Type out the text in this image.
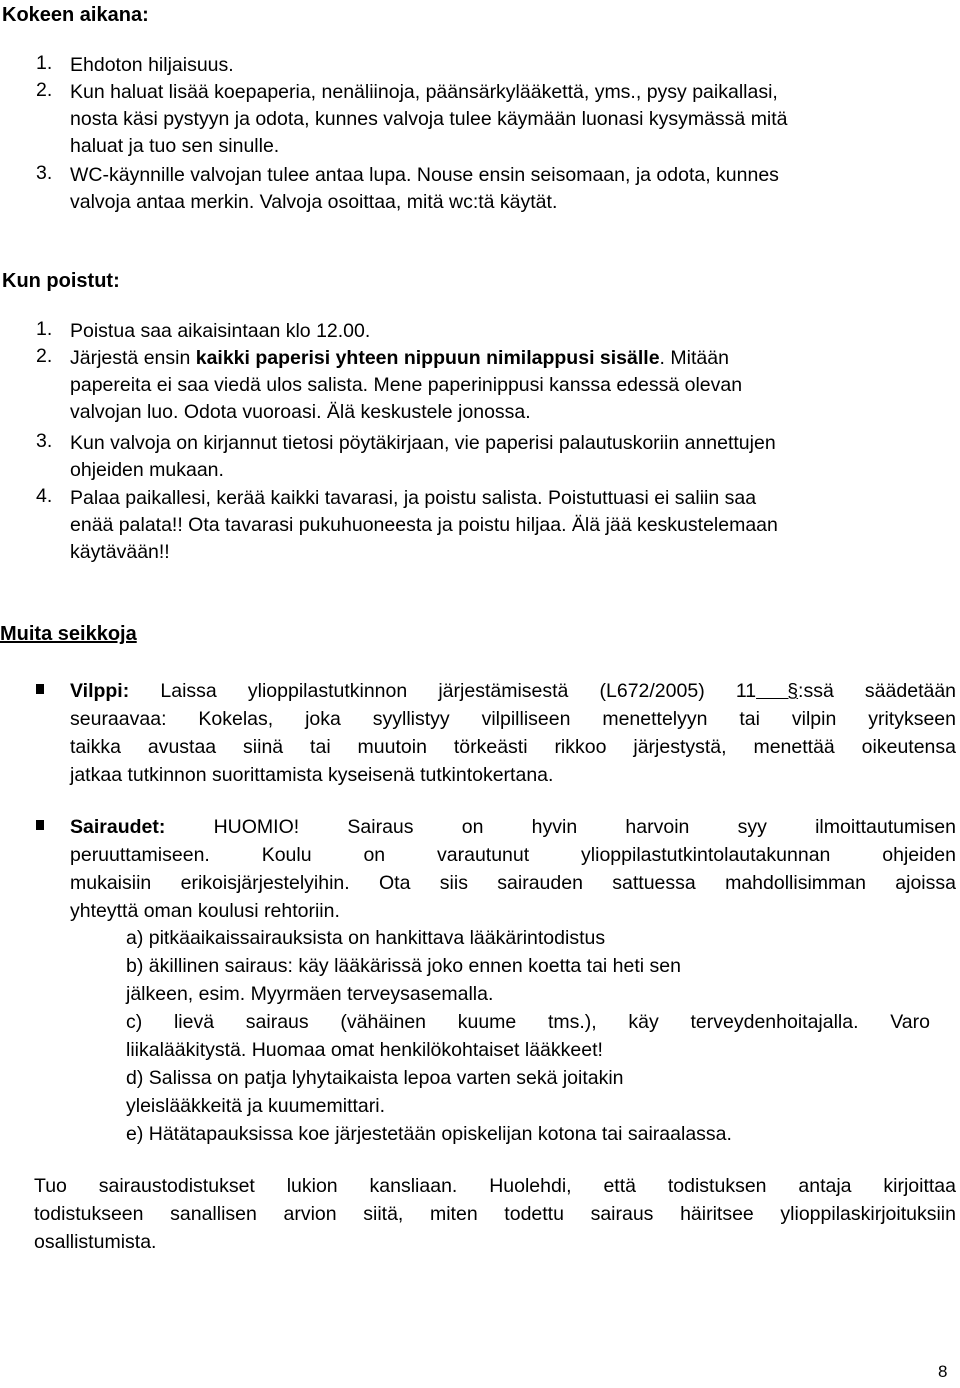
Kokeen aikana:
1. Ehdoton hiljaisuus.
2. Kun haluat lisää koepaperia, nenäliinoja, päänsärkylääkettä, yms., pysy paikallasi,
nosta käsi pystyyn ja odota, kunnes valvoja tulee käymään luonasi kysymässä mitä
haluat ja tuo sen sinulle.
3. WC-käynnille valvojan tulee antaa lupa. Nouse ensin seisomaan, ja odota, kunnes
valvoja antaa merkin. Valvoja osoittaa, mitä wc:tä käytät.
Kun poistut:
1. Poistua saa aikaisintaan klo 12.00.
2. Järjestä ensin kaikki paperisi yhteen nippuun nimilappusi sisälle. Mitään
papereita ei saa viedä ulos salista. Mene paperinippusi kanssa edessä olevan
valvojan luo. Odota vuoroasi. Älä keskustele jonossa.
3. Kun valvoja on kirjannut tietosi pöytäkirjaan, vie paperisi palautuskoriin annettujen
ohjeiden mukaan.
4. Palaa paikallesi, kerää kaikki tavarasi, ja poistu salista. Poistuttuasi ei saliin saa
enää palata!! Ota tavarasi pukuhuoneesta ja poistu hiljaa. Älä jää keskustelemaan
käytävään!!
Muita seikkoja
Vilppi: Laissa ylioppilastutkinnon järjestämisestä (L672/2005) 11 §:ssä säädetään
seuraavaa: Kokelas, joka syyllistyy vilpilliseen menettelyyn tai vilpin yritykseen
taikka avustaa siinä tai muutoin törkeästi rikkoo järjestystä, menettää oikeutensa
jatkaa tutkinnon suorittamista kyseisenä tutkintokertana.
Sairaudet: HUOMIO! Sairaus on hyvin harvoin syy ilmoittautumisen
peruuttamiseen. Koulu on varautunut ylioppilastutkintolautakunnan ohjeiden
mukaisiin erikoisjärjestelyihin. Ota siis sairauden sattuessa mahdollisimman ajoissa
yhteyttä oman koulusi rehtoriin.
a) pitkäaikaissairauksista on hankittava lääkärintodistus
b) äkillinen sairaus: käy lääkärissä joko ennen koetta tai heti sen
jälkeen, esim. Myyrmäen terveysasemalla.
c) lievä sairaus (vähäinen kuume tms.), käy terveydenhoitajalla. Varo
liikalääkitystä. Huomaa omat henkilökohtaiset lääkkeet!
d) Salissa on patja lyhytaikaista lepoa varten sekä joitakin
yleislääkkeitä ja kuumemittari.
e) Hätätapauksissa koe järjestetään opiskelijan kotona tai sairaalassa.
Tuo sairaustodistukset lukion kansliaan. Huolehdi, että todistuksen antaja kirjoittaa
todistukseen sanallisen arvion siitä, miten todettu sairaus häiritsee ylioppilaskirjoituksiin
osallistumista.
8
